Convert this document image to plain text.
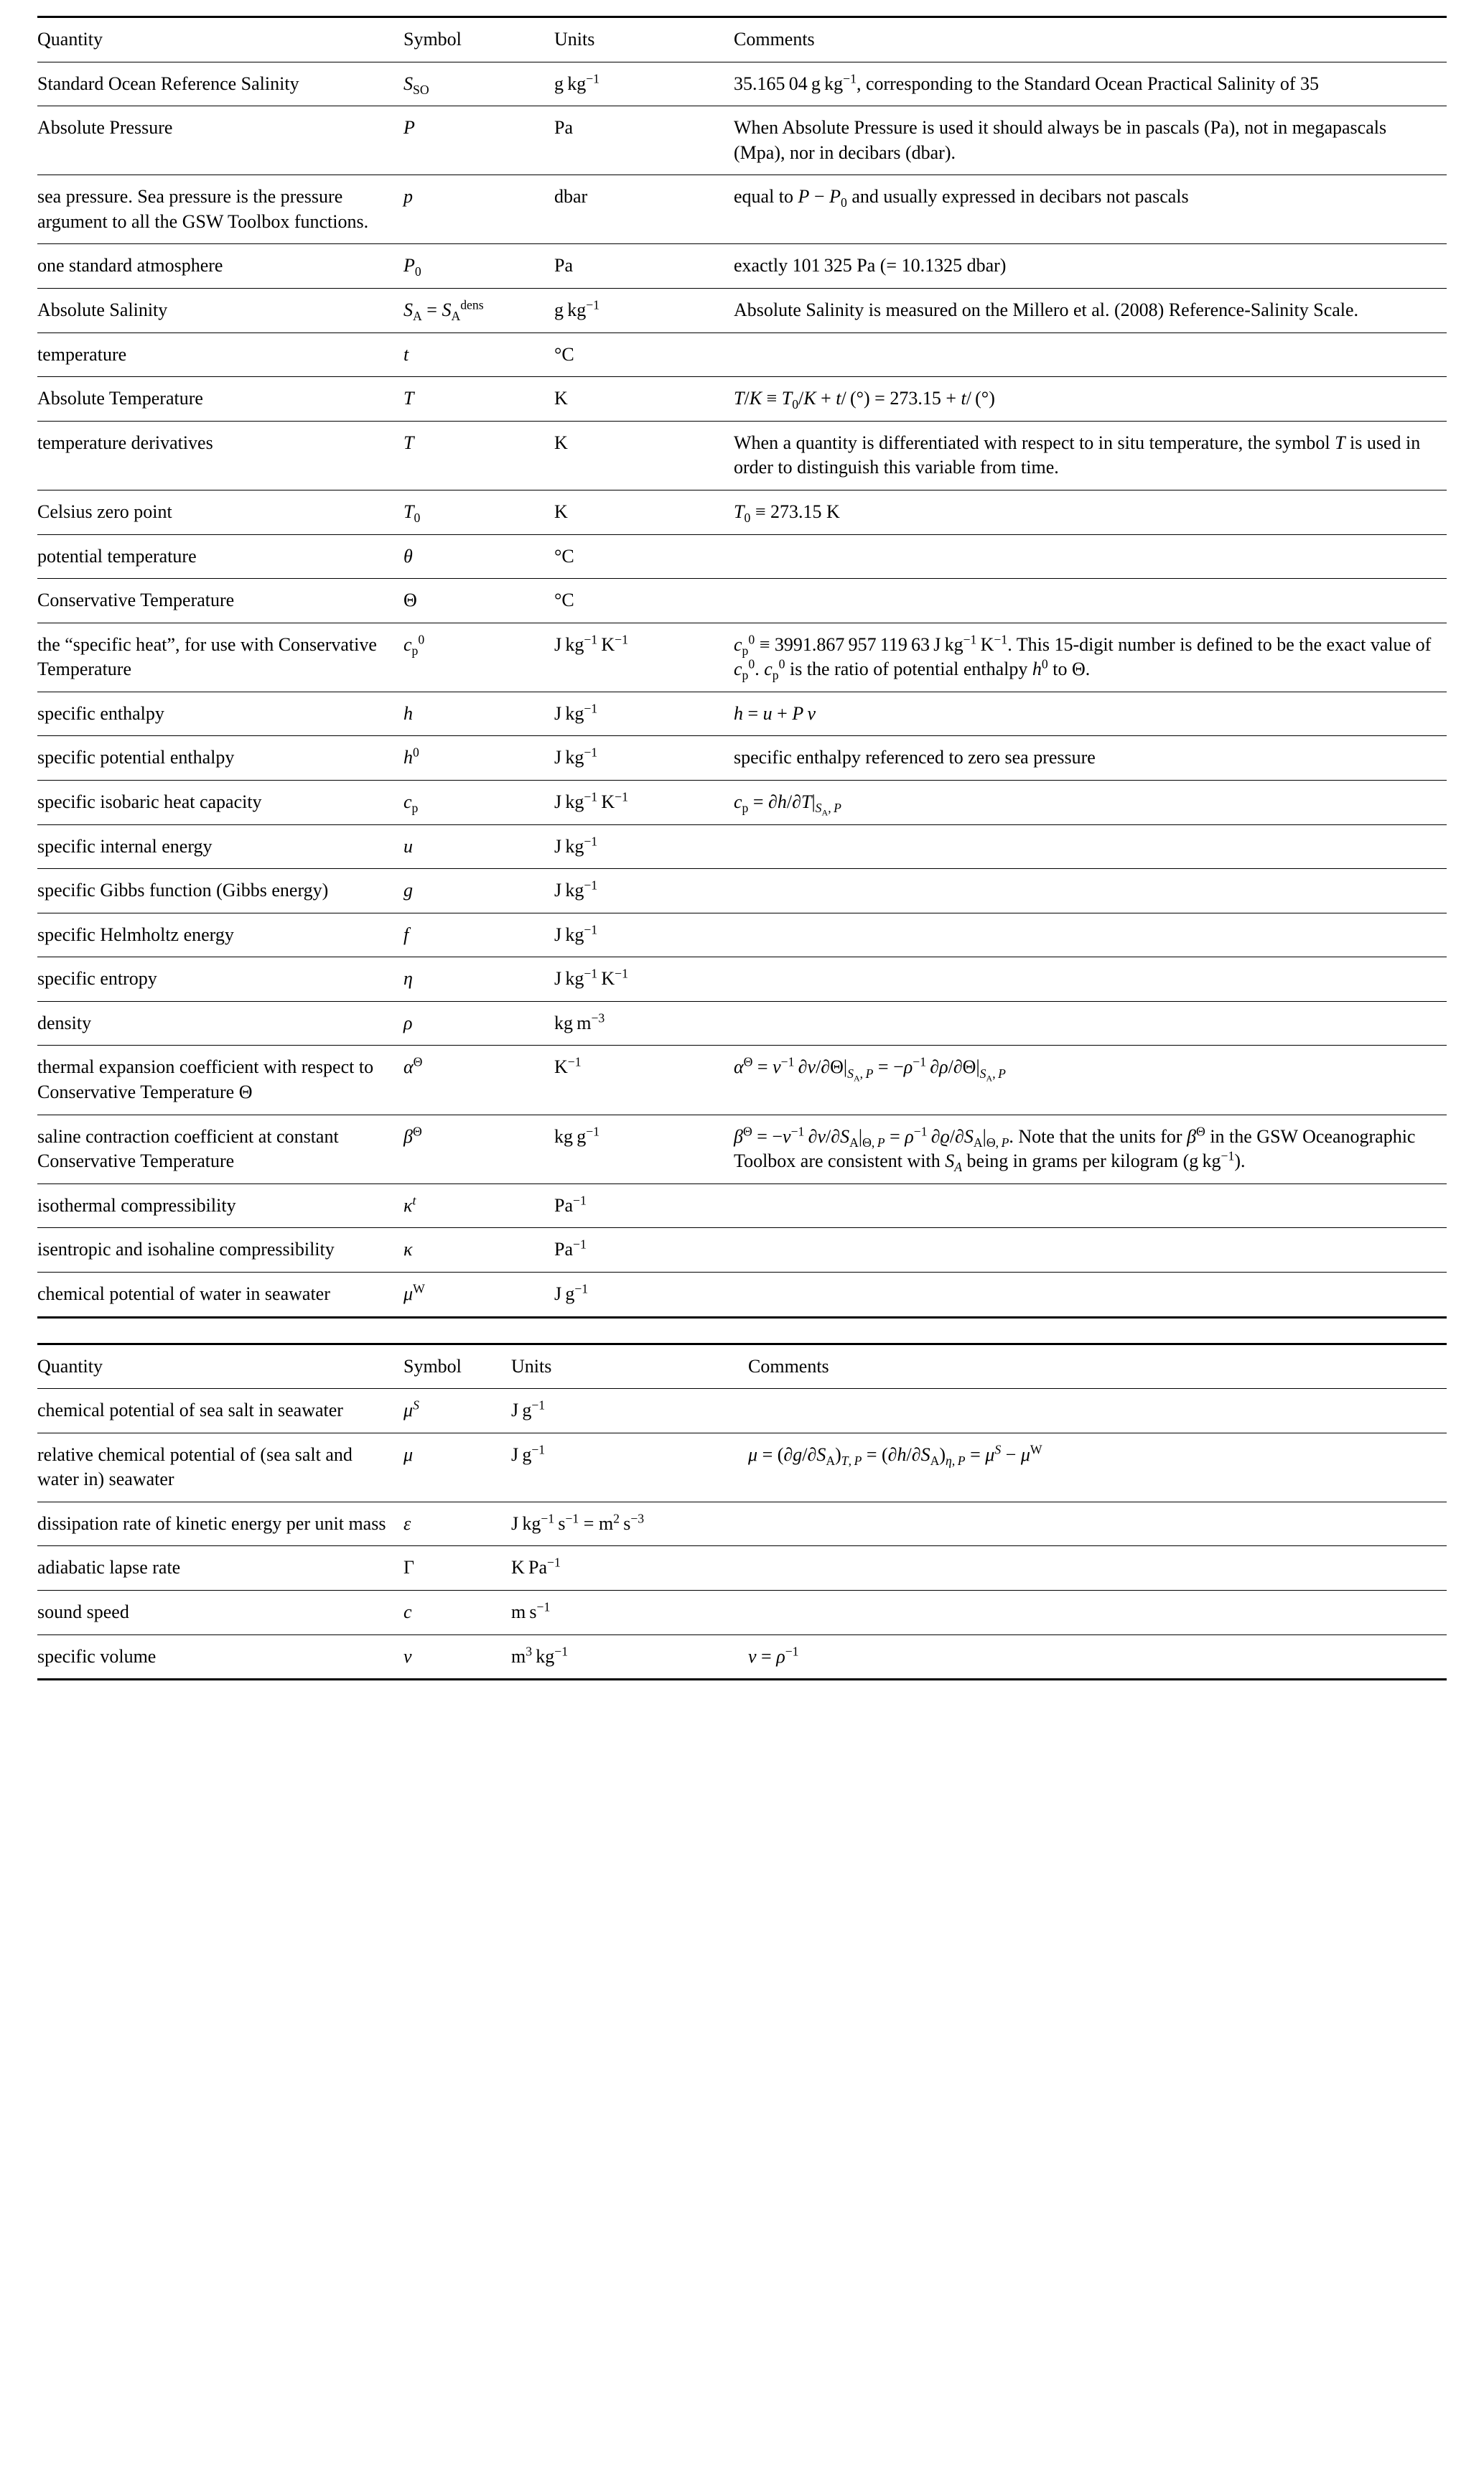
Quantity	Symbol	Units	Comments
Standard Ocean Reference Salinity	$S_{SO}$	g $kg^{-1}$	35.165 04 g $kg^{-1}$, corresponding to the Standard Ocean Practical Salinity of 35
Absolute Pressure	P	Pa	When Absolute Pressure is used it should always be in pascals (Pa), not in megapascals (Mpa), nor in decibars (dbar).
sea pressure. Sea pressure is the pressure argument to all the GSW Toolbox functions.	p	dbar	equal to $P - P_0$ and usually expressed in decibars not pascals
one standard atmosphere	$P_0$	Pa	exactly 101 325 Pa (= 10.1325 dbar)
Absolute Salinity	$S_A = S_A^{dens}$	g $kg^{-1}$	Absolute Salinity is measured on the Millero et al. (2008) Reference-Salinity Scale.
temperature	t	°C	
Absolute Temperature	T	K	$T/K \equiv T_0/K + t/$ (°) = 273.15 + t/ (°)
temperature derivatives	T	K	When a quantity is differentiated with respect to in situ temperature, the symbol T is used in order to distinguish this variable from time.
Celsius zero point	$T_0$	K	$T_0 \equiv 273.15$ K
potential temperature	θ	°C	
Conservative Temperature	Θ	°C	
the “specific heat”, for use with Conservative Temperature	$c_p^0$	J $kg^{-1}$ $K^{-1}$	$c_p^0 \equiv 3991.867$ 957 119 63 J $kg^{-1}$ $K^{-1}$. This 15-digit number is defined to be the exact value of $c_p^0$. $c_p^0$ is the ratio of potential enthalpy $h^0$ to Θ.
specific enthalpy	h	J $kg^{-1}$	h = u + P  v
specific potential enthalpy	$h^0$	J $kg^{-1}$	specific enthalpy referenced to zero sea pressure
specific isobaric heat capacity	$c_p$	J $kg^{-1}$ $K^{-1}$	$c_p = \partial h/\partial T|_{S_A, P}$
specific internal energy	u	J $kg^{-1}$	
specific Gibbs function (Gibbs energy)	g	J $kg^{-1}$	
specific Helmholtz energy	f	J $kg^{-1}$	
specific entropy	η	J $kg^{-1}$ $K^{-1}$	
density	ρ	kg $m^{-3}$	
thermal expansion coefficient with respect to Conservative Temperature Θ	$\alpha^\Theta$	$K^{-1}$	$\alpha^\Theta = v^{-1}$ $\partial v/\partial\Theta|_{S_A, P} = -\rho^{-1}$ $\partial\rho/\partial\Theta|_{S_A, P}$
saline contraction coefficient at constant Conservative Temperature	$\beta^\Theta$	kg $g^{-1}$	$\beta^\Theta = -v^{-1}$ $\partial v/\partial S_A|_{\Theta, P} = \rho^{-1}$ $\partial ϱ/\partial S_A|_{\Theta, P}$. Note that the units for $\beta^\Theta$ in the GSW Oceanographic Toolbox are consistent with $S_A$ being in grams per kilogram (g $kg^{-1}$).
isothermal compressibility	$\kappa^t$	$Pa^{-1}$	
isentropic and isohaline compressibility	κ	$Pa^{-1}$	
chemical potential of water in seawater	$\mu^W$	J $g^{-1}$	

Quantity	Symbol	Units	Comments
chemical potential of sea salt in seawater	$\mu^S$	J $g^{-1}$	
relative chemical potential of (sea salt and water in) seawater	μ	J $g^{-1}$	$\mu = (\partial g/\partial S_A)_{T, P} = (\partial h/\partial S_A)_{\eta, P} = \mu^S - \mu^W$
dissipation rate of kinetic energy per unit mass	ε	J $kg^{-1}$ $s^{-1} = m^2$ $s^{-3}$	
adiabatic lapse rate	Γ	K $Pa^{-1}$	
sound speed	c	m $s^{-1}$	
specific volume	v	$m^3$ $kg^{-1}$	$v = \rho^{-1}$
